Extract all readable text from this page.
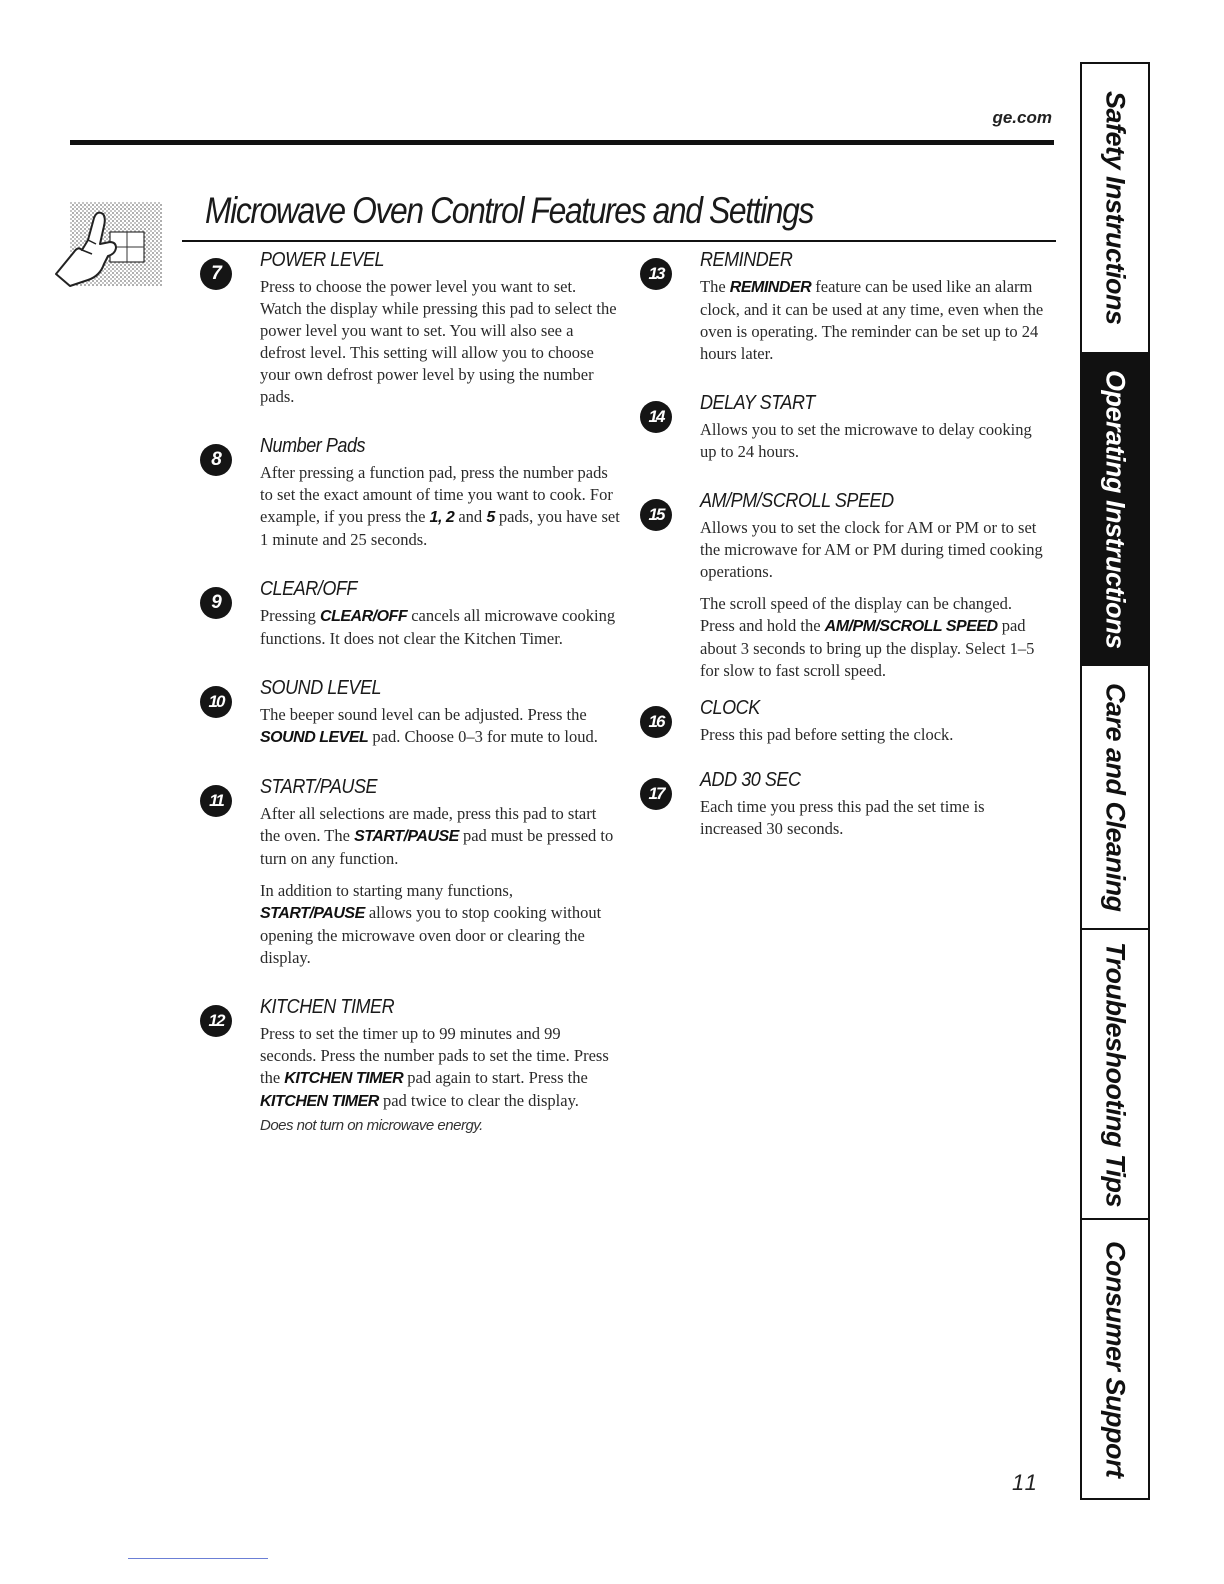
ge.com
Microwave Oven Control Features and Settings
7
POWER LEVEL

Press to choose the power level you want to set. Watch the display while pressing this pad to select the power level you want to set. You will also see a defrost level. This setting will allow you to choose your own defrost power level by using the number pads.

8
Number Pads

After pressing a function pad, press the number pads to set the exact amount of time you want to cook. For example, if you press the 1, 2 and 5 pads, you have set 1 minute and 25 seconds.

9
CLEAR/OFF

Pressing CLEAR/OFF cancels all microwave cooking functions. It does not clear the Kitchen Timer.

10
SOUND LEVEL

The beeper sound level can be adjusted. Press the SOUND LEVEL pad. Choose 0–3 for mute to loud.

11
START/PAUSE

After all selections are made, press this pad to start the oven. The START/PAUSE pad must be pressed to turn on any function.

In addition to starting many functions, START/PAUSE allows you to stop cooking without opening the microwave oven door or clearing the display.

12
KITCHEN TIMER

Press to set the timer up to 99 minutes and 99 seconds. Press the number pads to set the time. Press the KITCHEN TIMER pad again to start. Press the KITCHEN TIMER pad twice to clear the display.

Does not turn on microwave energy.
13
REMINDER

The REMINDER feature can be used like an alarm clock, and it can be used at any time, even when the oven is operating. The reminder can be set up to 24 hours later.

14
DELAY START

Allows you to set the microwave to delay cooking up to 24 hours.

15
AM/PM/SCROLL SPEED

Allows you to set the clock for AM or PM or to set the microwave for AM or PM during timed cooking operations.

The scroll speed of the display can be changed. Press and hold the AM/PM/SCROLL SPEED pad about 3 seconds to bring up the display. Select 1–5 for slow to fast scroll speed.

16
CLOCK

Press this pad before setting the clock.

17
ADD 30 SEC

Each time you press this pad the set time is increased 30 seconds.

Safety Instructions
Operating Instructions
Care and Cleaning
Troubleshooting Tips
Consumer Support
11
